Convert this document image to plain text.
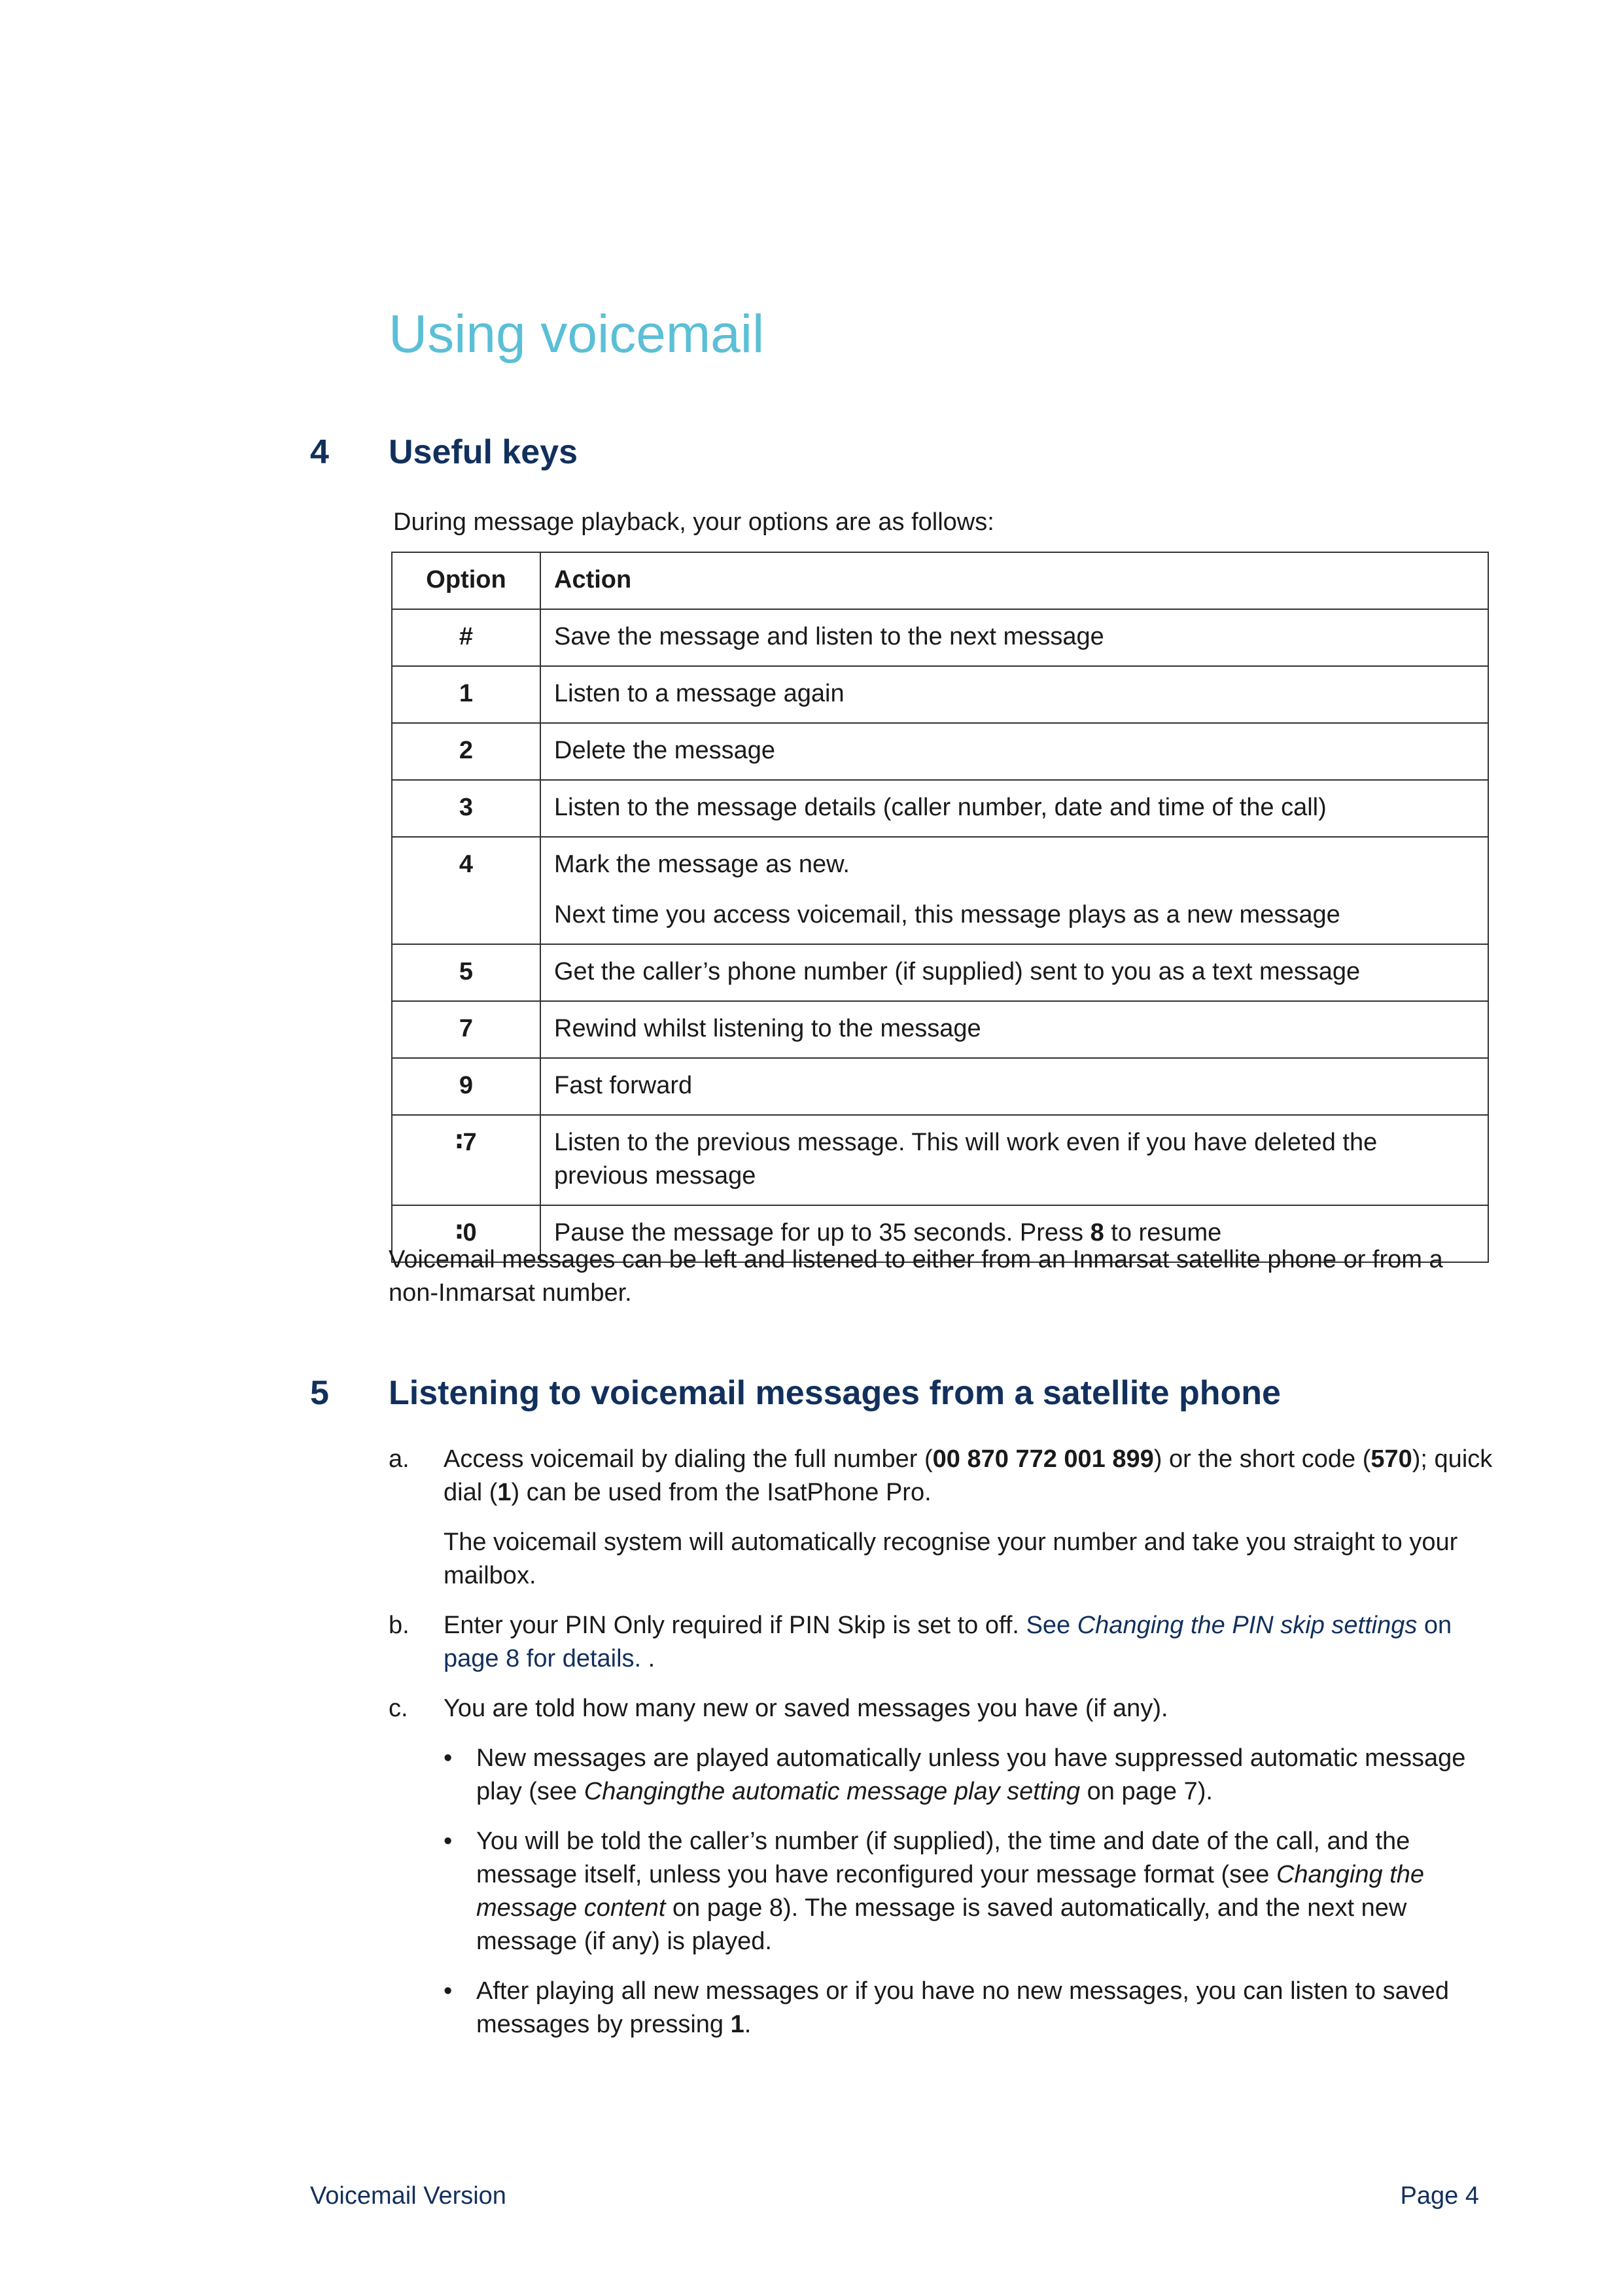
Using voicemail
4 Useful keys

During message playback, your options are as follows:

Option	Action
#	Save the message and listen to the next message

1	Listen to a message again

2	Delete the message

3	Listen to the message details (caller number, date and time of the call)

4	Mark the message as new.

Next time you access voicemail, this message plays as a new message

5	Get the caller’s phone number (if supplied) sent to you as a text message

7	Rewind whilst listening to the message

9	Fast forward

∶7	Listen to the previous message. This will work even if you have deleted the previous message

∶0	Pause the message for up to 35 seconds. Press 8 to resume

Voicemail messages can be left and listened to either from an Inmarsat satellite phone or from a non-Inmarsat number.

5 Listening to voicemail messages from a satellite phone
a. Access voicemail by dialing the full number (00 870 772 001 899) or the short code (570); quick dial (1) can be used from the IsatPhone Pro.

The voicemail system will automatically recognise your number and take you straight to your mailbox.

b. Enter your PIN Only required if PIN Skip is set to off. See Changing the PIN skip settings on page 8 for details. .

c. You are told how many new or saved messages you have (if any).

• New messages are played automatically unless you have suppressed automatic message play (see Changingthe automatic message play setting on page 7).
• You will be told the caller’s number (if supplied), the time and date of the call, and the message itself, unless you have reconfigured your message format (see Changing the message content on page 8). The message is saved automatically, and the next new message (if any) is played.
• After playing all new messages or if you have no new messages, you can listen to saved messages by pressing 1.
Voicemail Version	Page 4
